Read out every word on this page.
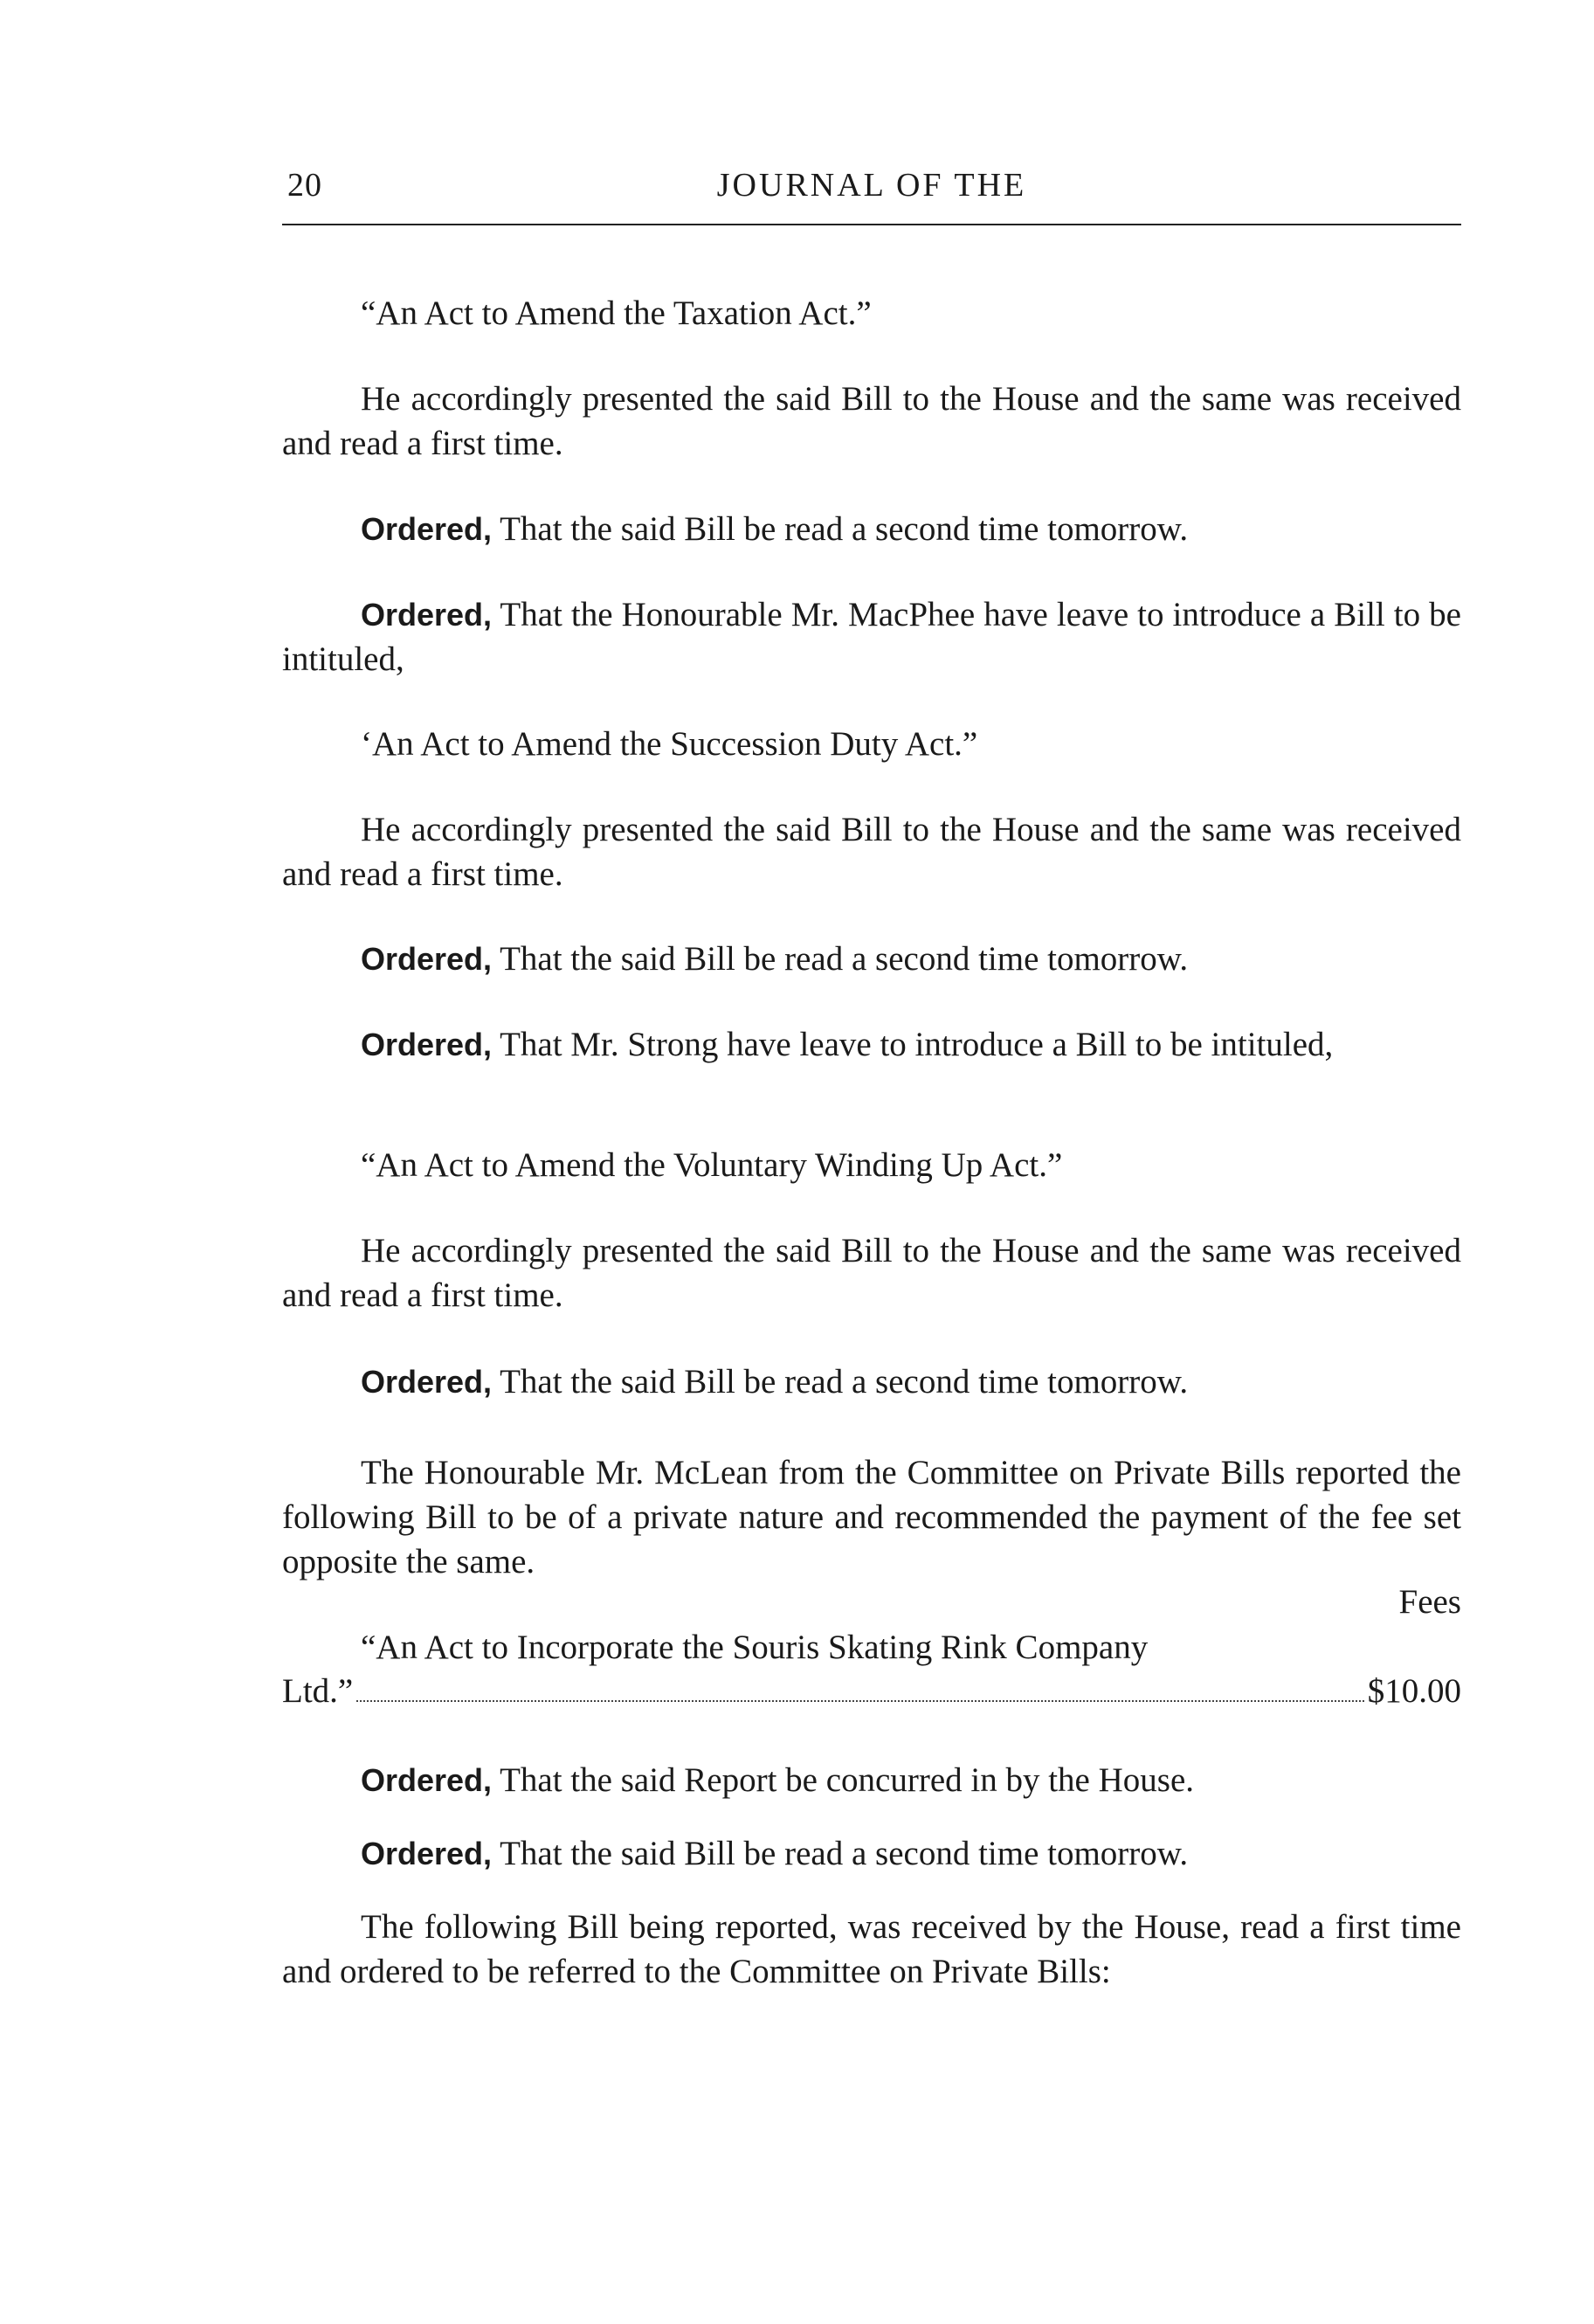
20	JOURNAL OF THE
“An Act to Amend the Taxation Act.”
He accordingly presented the said Bill to the House and the same was received and read a first time.
Ordered, That the said Bill be read a second time tomorrow.
Ordered, That the Honourable Mr. MacPhee have leave to introduce a Bill to be intituled,
‘An Act to Amend the Succession Duty Act.”
He accordingly presented the said Bill to the House and the same was received and read a first time.
Ordered, That the said Bill be read a second time tomorrow.
Ordered, That Mr. Strong have leave to introduce a Bill to be intituled,
“An Act to Amend the Voluntary Winding Up Act.”
He accordingly presented the said Bill to the House and the same was received and read a first time.
Ordered, That the said Bill be read a second time tomorrow.
The Honourable Mr. McLean from the Committee on Private Bills reported the following Bill to be of a private nature and recommended the payment of the fee set opposite the same.
Fees
“An Act to Incorporate the Souris Skating Rink Company
Ltd.”	$10.00
Ordered, That the said Report be concurred in by the House.
Ordered, That the said Bill be read a second time tomorrow.
The following Bill being reported, was received by the House, read a first time and ordered to be referred to the Committee on Private Bills:
